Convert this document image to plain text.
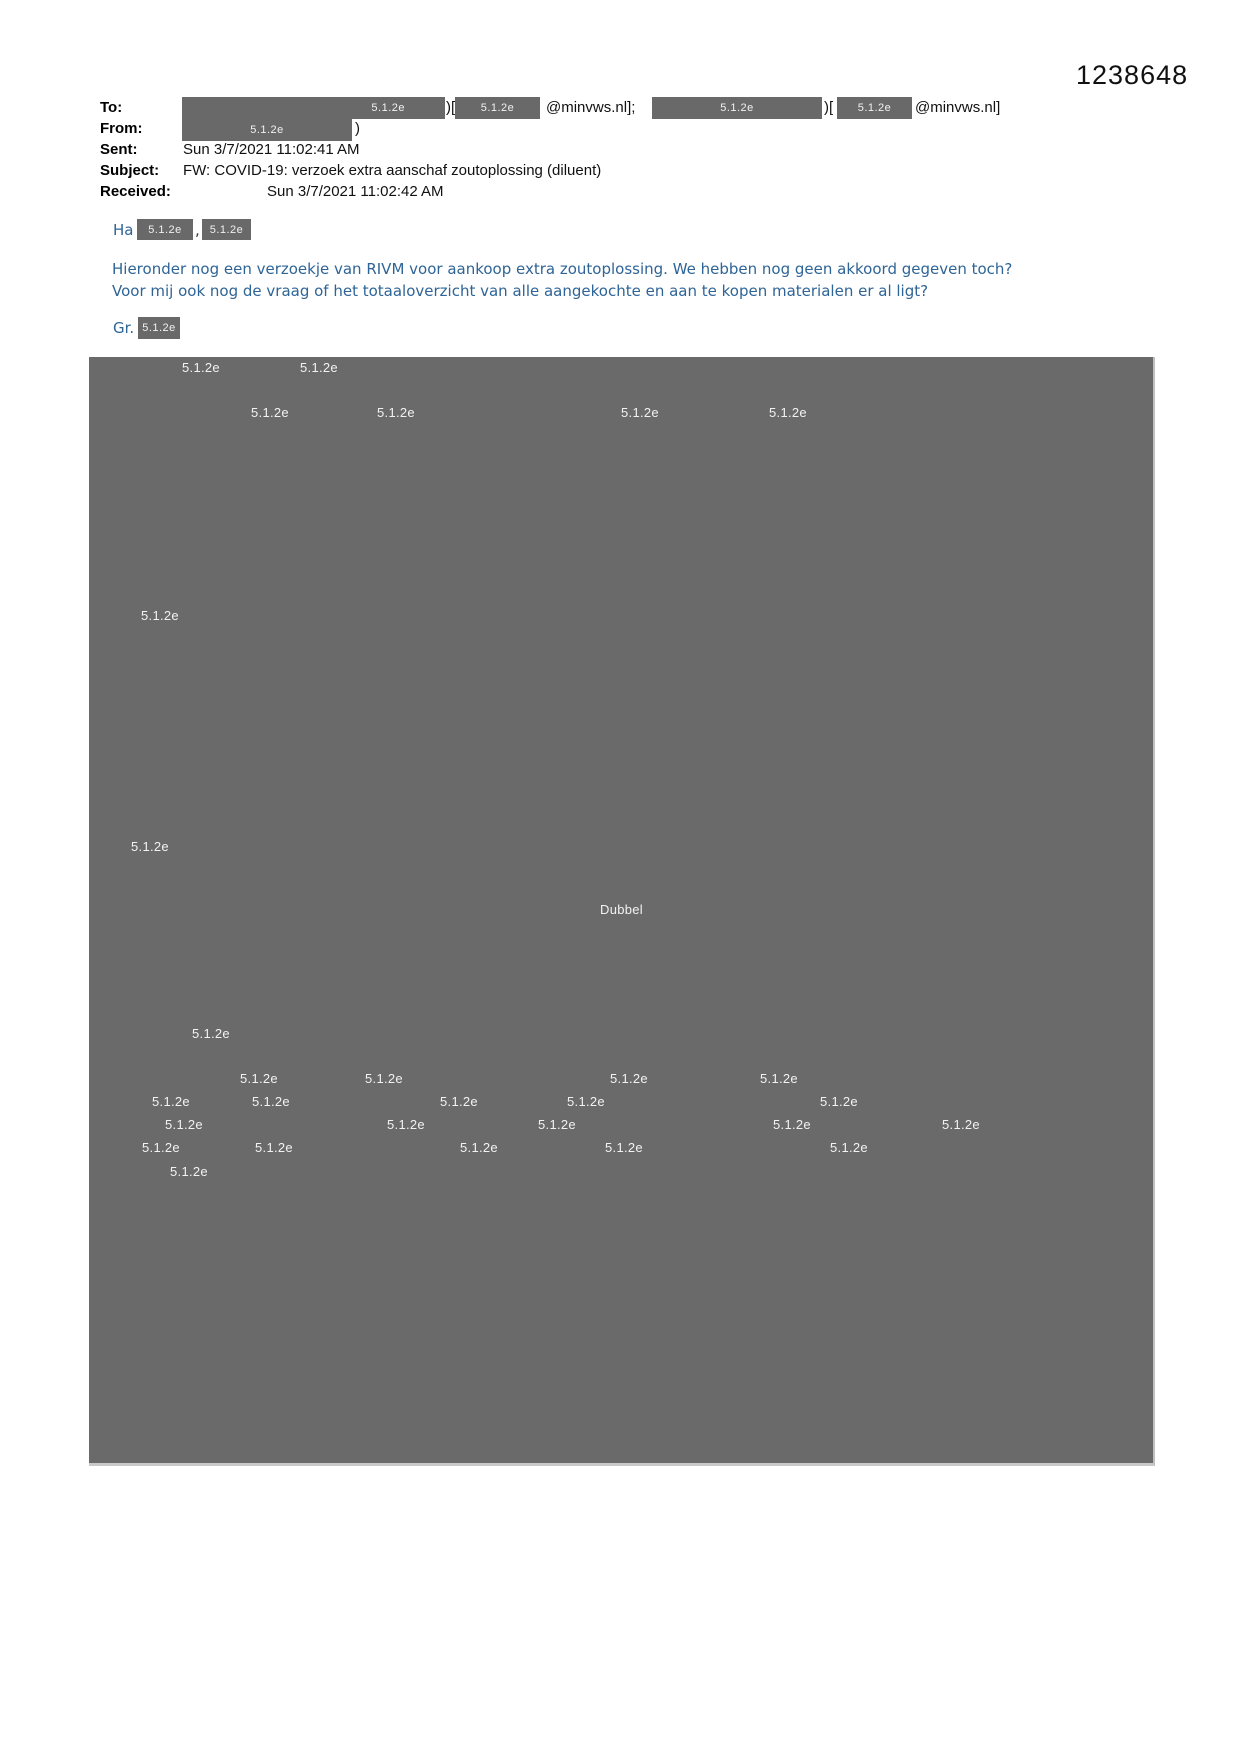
1238648
To:	5.1.2e	)[ 5.1.2e @minvws.nl];	5.1.2e	)[ 5.1.2e @minvws.nl]
From:	5.1.2e	)
Sent:	Sun 3/7/2021 11:02:41 AM
Subject: FW: COVID-19: verzoek extra aanschaf zoutoplossing (diluent)
Received:	Sun 3/7/2021 11:02:42 AM
Ha 5.1.2e , 5.1.2e
Hieronder nog een verzoekje van RIVM voor aankoop extra zoutoplossing. We hebben nog geen akkoord gegeven toch?
Voor mij ook nog de vraag of het totaaloverzicht van alle aangekochte en aan te kopen materialen er al ligt?
Gr. 5.1.2e
5.1.2e	5.1.2e
5.1.2e	5.1.2e	5.1.2e	5.1.2e
5.1.2e
5.1.2e
Dubbel
5.1.2e
5.1.2e	5.1.2e	5.1.2e	5.1.2e
5.1.2e	5.1.2e	5.1.2e	5.1.2e	5.1.2e
5.1.2e	5.1.2e	5.1.2e	5.1.2e	5.1.2e
5.1.2e	5.1.2e	5.1.2e	5.1.2e	5.1.2e
5.1.2e
